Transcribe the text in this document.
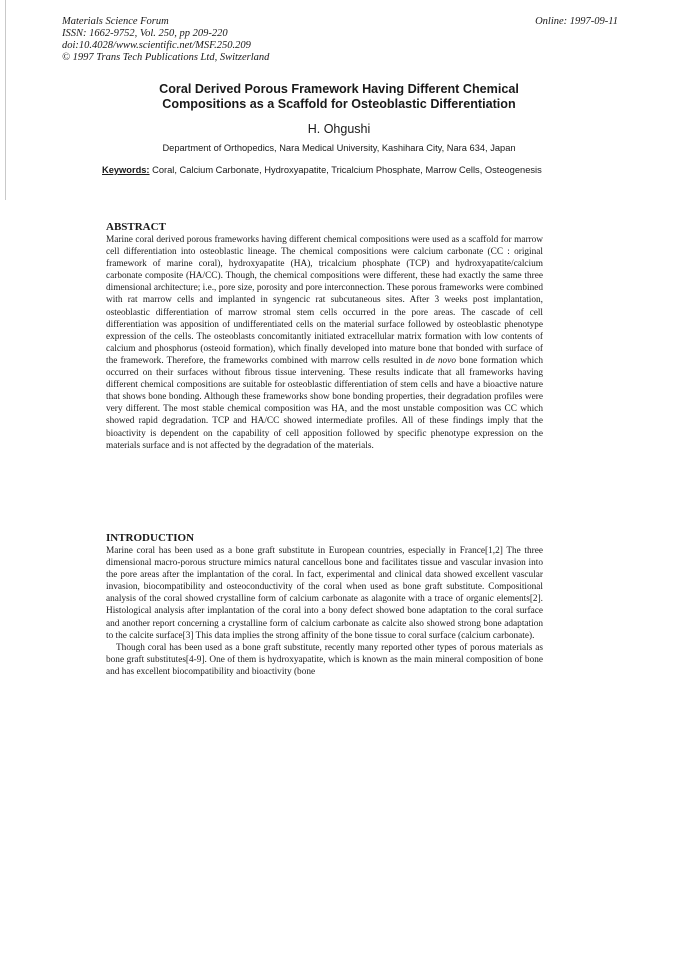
Materials Science Forum
ISSN: 1662-9752, Vol. 250, pp 209-220
doi:10.4028/www.scientific.net/MSF.250.209
© 1997 Trans Tech Publications Ltd, Switzerland
Online: 1997-09-11
Coral Derived Porous Framework Having Different Chemical
Compositions as a Scaffold for Osteoblastic Differentiation
H. Ohgushi
Department of Orthopedics, Nara Medical University, Kashihara City, Nara 634, Japan
Keywords: Coral, Calcium Carbonate, Hydroxyapatite, Tricalcium Phosphate, Marrow Cells, Osteogenesis
ABSTRACT
Marine coral derived porous frameworks having different chemical compositions were used as a scaffold for marrow cell differentiation into osteoblastic lineage. The chemical compositions were calcium carbonate (CC : original framework of marine coral), hydroxyapatite (HA), tricalcium phosphate (TCP) and hydroxyapatite/calcium carbonate composite (HA/CC). Though, the chemical compositions were different, these had exactly the same three dimensional architecture; i.e., pore size, porosity and pore interconnection. These porous frameworks were combined with rat marrow cells and implanted in syngencic rat subcutaneous sites. After 3 weeks post implantation, osteoblastic differentiation of marrow stromal stem cells occurred in the pore areas. The cascade of cell differentiation was apposition of undifferentiated cells on the material surface followed by osteoblastic phenotype expression of the cells. The osteoblasts concomitantly initiated extracellular matrix formation with low contents of calcium and phosphorus (osteoid formation), which finally developed into mature bone that bonded with surface of the framework. Therefore, the frameworks combined with marrow cells resulted in de novo bone formation which occurred on their surfaces without fibrous tissue intervening. These results indicate that all frameworks having different chemical compositions are suitable for osteoblastic differentiation of stem cells and have a bioactive nature that shows bone bonding. Although these frameworks show bone bonding properties, their degradation profiles were very different. The most stable chemical composition was HA, and the most unstable composition was CC which showed rapid degradation. TCP and HA/CC showed intermediate profiles. All of these findings imply that the bioactivity is dependent on the capability of cell apposition followed by specific phenotype expression on the materials surface and is not affected by the degradation of the materials.
INTRODUCTION
Marine coral has been used as a bone graft substitute in European countries, especially in France[1,2] The three dimensional macro-porous structure mimics natural cancellous bone and facilitates tissue and vascular invasion into the pore areas after the implantation of the coral. In fact, experimental and clinical data showed excellent vascular invasion, biocompatibility and osteoconductivity of the coral when used as bone graft substitute. Compositional analysis of the coral showed crystalline form of calcium carbonate as alagonite with a trace of organic elements[2]. Histological analysis after implantation of the coral into a bony defect showed bone adaptation to the coral surface and another report concerning a crystalline form of calcium carbonate as calcite also showed strong bone adaptation to the calcite surface[3] This data implies the strong affinity of the bone tissue to coral surface (calcium carbonate).
Though coral has been used as a bone graft substitute, recently many reported other types of porous materials as bone graft substitutes[4-9]. One of them is hydroxyapatite, which is known as the main mineral composition of bone and has excellent biocompatibility and bioactivity (bone
